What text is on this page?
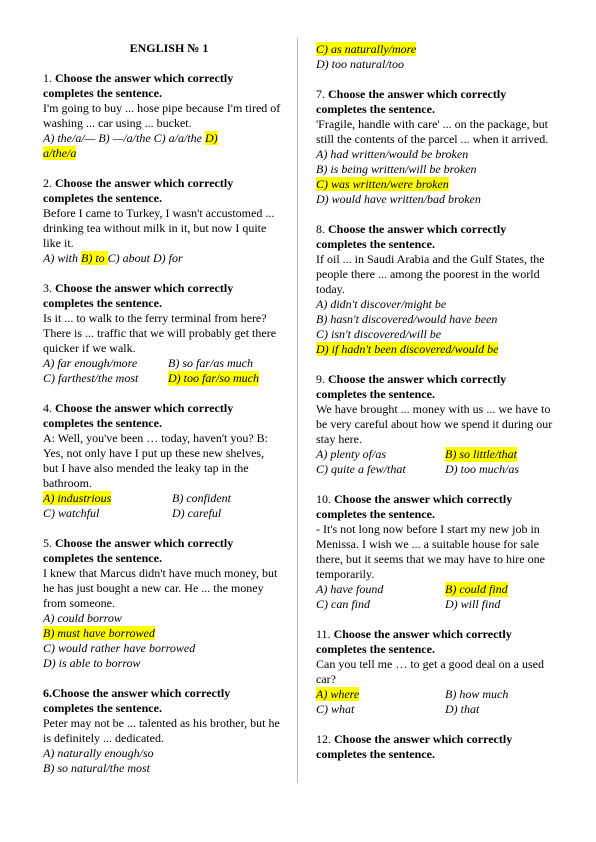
ENGLISH № 1
1. Choose the answer which correctly completes the sentence.
I'm going to buy ... hose pipe because I'm tired of washing ... car using ... bucket.
A) the/a/— B) —/a/the C) a/a/the D)
a/the/a
2. Choose the answer which correctly completes the sentence.
Before I came to Turkey, I wasn't accustomed ... drinking tea without milk in it, but now I quite like it.
A) with B) to C) about D) for
3. Choose the answer which correctly completes the sentence.
Is it ... to walk to the ferry terminal from here? There is ... traffic that we will probably get there quicker if we walk.
A) far enough/more	B) so far/as much
C) farthest/the most	D) too far/so much
4. Choose the answer which correctly completes the sentence.
A: Well, you've been … today, haven't you? B: Yes, not only have I put up these new shelves, but I have also mended the leaky tap in the bathroom.
A) industrious	B) confident
C) watchful	D) careful
5. Choose the answer which correctly completes the sentence.
I knew that Marcus didn't have much money, but he has just bought a new car. He ... the money from someone.
A) could borrow
B) must have borrowed
C) would rather have borrowed
D) is able to borrow
6.Choose the answer which correctly completes the sentence.
Peter may not be ... talented as his brother, but he is definitely ... dedicated.
A) naturally enough/so
B) so natural/the most
C) as naturally/more
D) too natural/too
7. Choose the answer which correctly completes the sentence.
'Fragile, handle with care' ... on the package, but still the contents of the parcel ... when it arrived.
A) had written/would be broken
B) is being written/will be broken
C) was written/were broken
D) would have written/bad broken
8. Choose the answer which correctly completes the sentence.
If oil ... in Saudi Arabia and the Gulf States, the people there ... among the poorest in the world today.
A) didn't discover/might be
B) hasn't discovered/would have been
C) isn't discovered/will be
D) if hadn't been discovered/would be
9. Choose the answer which correctly completes the sentence.
We have brought ... money with us ... we have to be very careful about how we spend it during our stay here.
A) plenty of/as	B) so little/that
C) quite a few/that	D) too much/as
10. Choose the answer which correctly completes the sentence.
- It's not long now before I start my new job in Menissa. I wish we ... a suitable house for sale there, but it seems that we may have to hire one temporarily.
A) have found	B) could find
C) can find	D) will find
11. Choose the answer which correctly completes the sentence.
Can you tell me … to get a good deal on a used car?
A) where	B) how much
C) what	D) that
12. Choose the answer which correctly completes the sentence.
